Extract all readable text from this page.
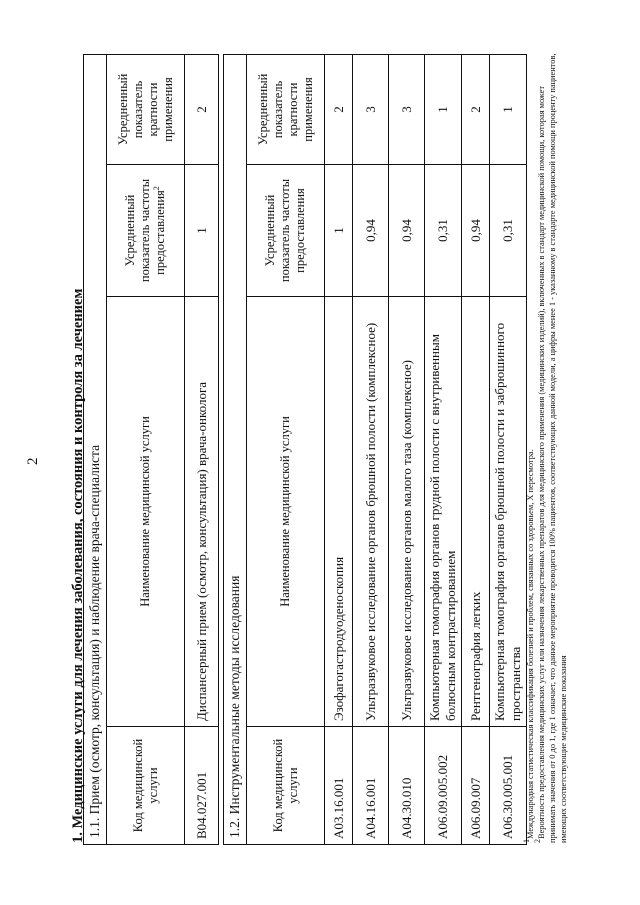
2 1. Медицинские услуги для лечения заболевания, состояния и контроля за лечением 1.1. Прием (осмотр, консультация) и наблюдение врача-специалиста			
Код медицинской услуги	Наименование медицинской услуги	Усредненный показатель частоты предоставления$^2$	Усредненный показатель кратности применения
В04.027.001	Диспансерный прием (осмотр, консультация) врача-онколога	1	2
1.2. Инструментальные методы исследования			
Код медицинской услуги	Наименование медицинской услуги	Усредненный показатель частоты предоставления	Усредненный показатель кратности применения
А03.16.001	Эзофагогастродуоденоскопия	1	2
А04.16.001	Ультразвуковое исследование органов брюшной полости (комплексное)	0,94	3
А04.30.010	Ультразвуковое исследование органов малого таза (комплексное)	0,94	3
А06.09.005.002	Компьютерная томография органов грудной полости с внутривенным болюсным контрастированием	0,31	1
А06.09.007	Рентгенография легких	0,94	2
А06.30.005.001	Компьютерная томография органов брюшной полости и забрюшинного пространства	0,31	1

$^1$Международная статистическая классификация болезней и проблем, связанных со здоровьем, X пересмотра.

$^2$Вероятность предоставления медицинских услуг или назначения лекарственных препаратов для медицинского применения (медицинских изделий), включенных в стандарт медицинской помощи, которая может принимать значения от 0 до 1, где 1 означает, что данное мероприятие проводится 100% пациентов, соответствующих данной модели, а цифры менее 1 - указанному в стандарте медицинской помощи проценту пациентов, имеющих соответствующие медицинские показания
